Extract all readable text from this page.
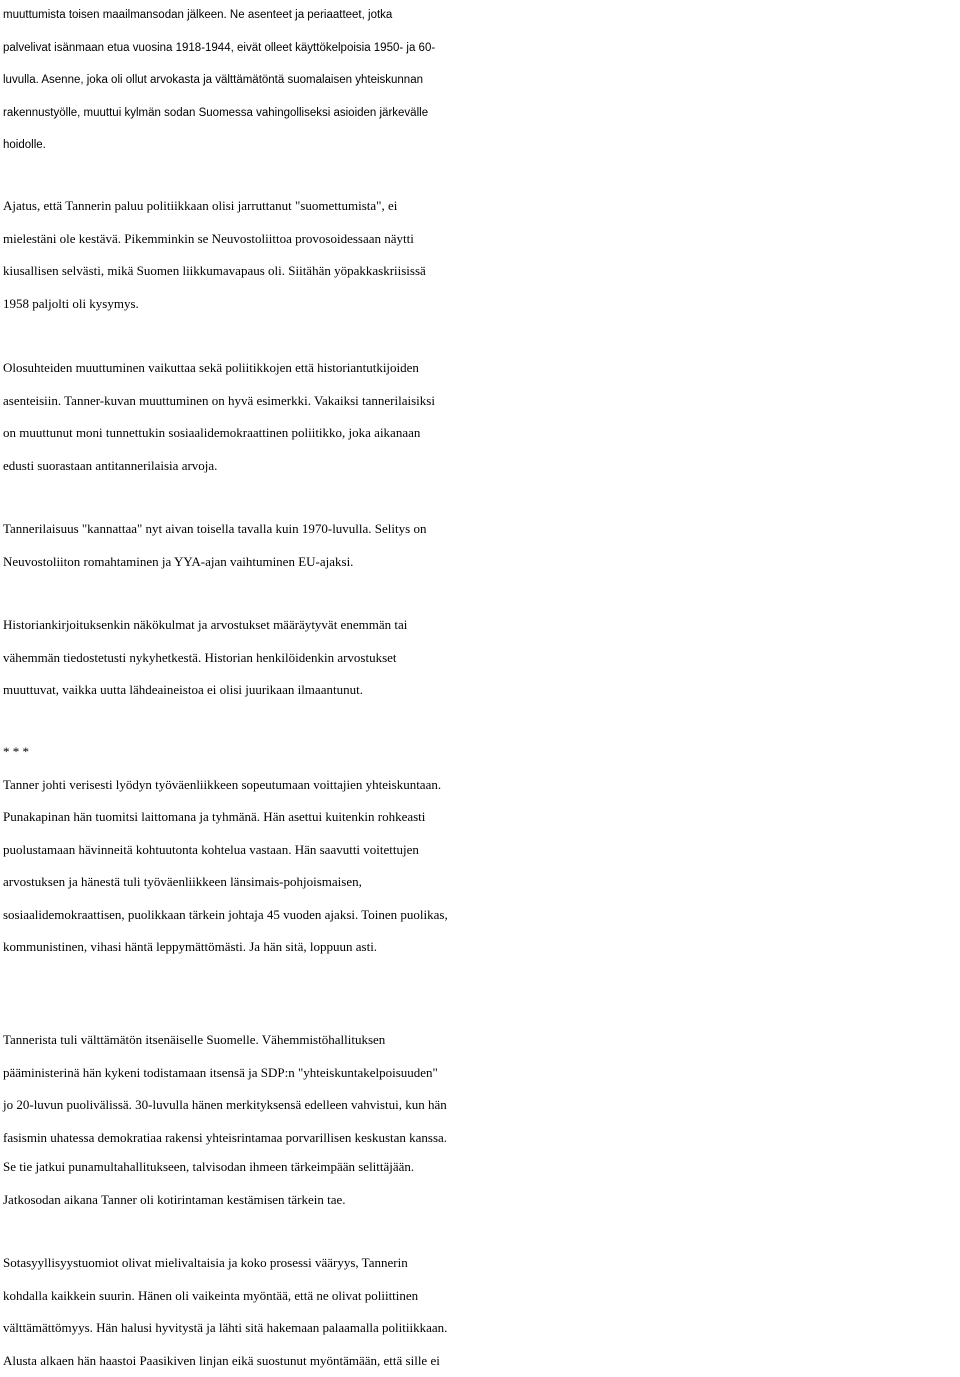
muuttumista toisen maailmansodan jälkeen. Ne asenteet ja periaatteet, jotka
palvelivat isänmaan etua vuosina 1918-1944, eivät olleet käyttökelpoisia 1950- ja 60-
luvulla. Asenne, joka oli ollut arvokasta ja välttämätöntä suomalaisen yhteiskunnan
rakennustyölle, muuttui kylmän sodan Suomessa vahingolliseksi asioiden järkevälle
hoidolle.
Ajatus, että Tannerin paluu politiikkaan olisi jarruttanut "suomettumista", ei
mielestäni ole kestävä. Pikemminkin se Neuvostoliittoa provosoidessaan näytti
kiusallisen selvästi, mikä Suomen liikkumavapaus oli. Siitähän yöpakkaskriisissä
1958 paljolti oli kysymys.
Olosuhteiden muuttuminen vaikuttaa sekä poliitikkojen että historiantutkijoiden
asenteisiin. Tanner-kuvan muuttuminen on hyvä esimerkki. Vakaiksi tannerilaisiksi
on muuttunut moni tunnettukin sosiaalidemokraattinen poliitikko, joka aikanaan
edusti suorastaan antitannerilaisia arvoja.
Tannerilaisuus "kannattaa" nyt aivan toisella tavalla kuin 1970-luvulla. Selitys on
Neuvostoliiton romahtaminen ja YYA-ajan vaihtuminen EU-ajaksi.
Historiankirjoituksenkin näkökulmat ja arvostukset määräytyvät enemmän tai
vähemmän tiedostetusti nykyhetkestä. Historian henkilöidenkin arvostukset
muuttuvat, vaikka uutta lähdeaineistoa ei olisi juurikaan ilmaantunut.
* * *
Tanner johti verisesti lyödyn työväenliikkeen sopeutumaan voittajien yhteiskuntaan.
Punakapinan hän tuomitsi laittomana ja tyhmänä. Hän asettui kuitenkin rohkeasti
puolustamaan hävinneitä kohtuutonta kohtelua vastaan. Hän saavutti voitettujen
arvostuksen ja hänestä tuli työväenliikkeen länsimais-pohjoismaisen,
sosiaalidemokraattisen, puolikkaan tärkein johtaja 45 vuoden ajaksi. Toinen puolikas,
kommunistinen, vihasi häntä leppymättömästi. Ja hän sitä, loppuun asti.
Tannerista tuli välttämätön itsenäiselle Suomelle. Vähemmistöhallituksen
pääministerinä hän kykeni todistamaan itsensä ja SDP:n "yhteiskuntakelpoisuuden"
jo 20-luvun puolivälissä. 30-luvulla hänen merkityksensä edelleen vahvistui, kun hän
fasismin uhatessa demokratiaa rakensi yhteisrintamaa porvarillisen keskustan kanssa.
Se tie jatkui punamultahallitukseen, talvisodan ihmeen tärkeimpään selittäjään.
Jatkosodan aikana Tanner oli kotirintaman kestämisen tärkein tae.
Sotasyyllisyystuomiot olivat mielivaltaisia ja koko prosessi vääryys, Tannerin
kohdalla kaikkein suurin. Hänen oli vaikeinta myöntää, että ne olivat poliittinen
välttämättömyys. Hän halusi hyvitystä ja lähti sitä hakemaan palaamalla politiikkaan.
Alusta alkaen hän haastoi Paasikiven linjan eikä suostunut myöntämään, että sille ei
